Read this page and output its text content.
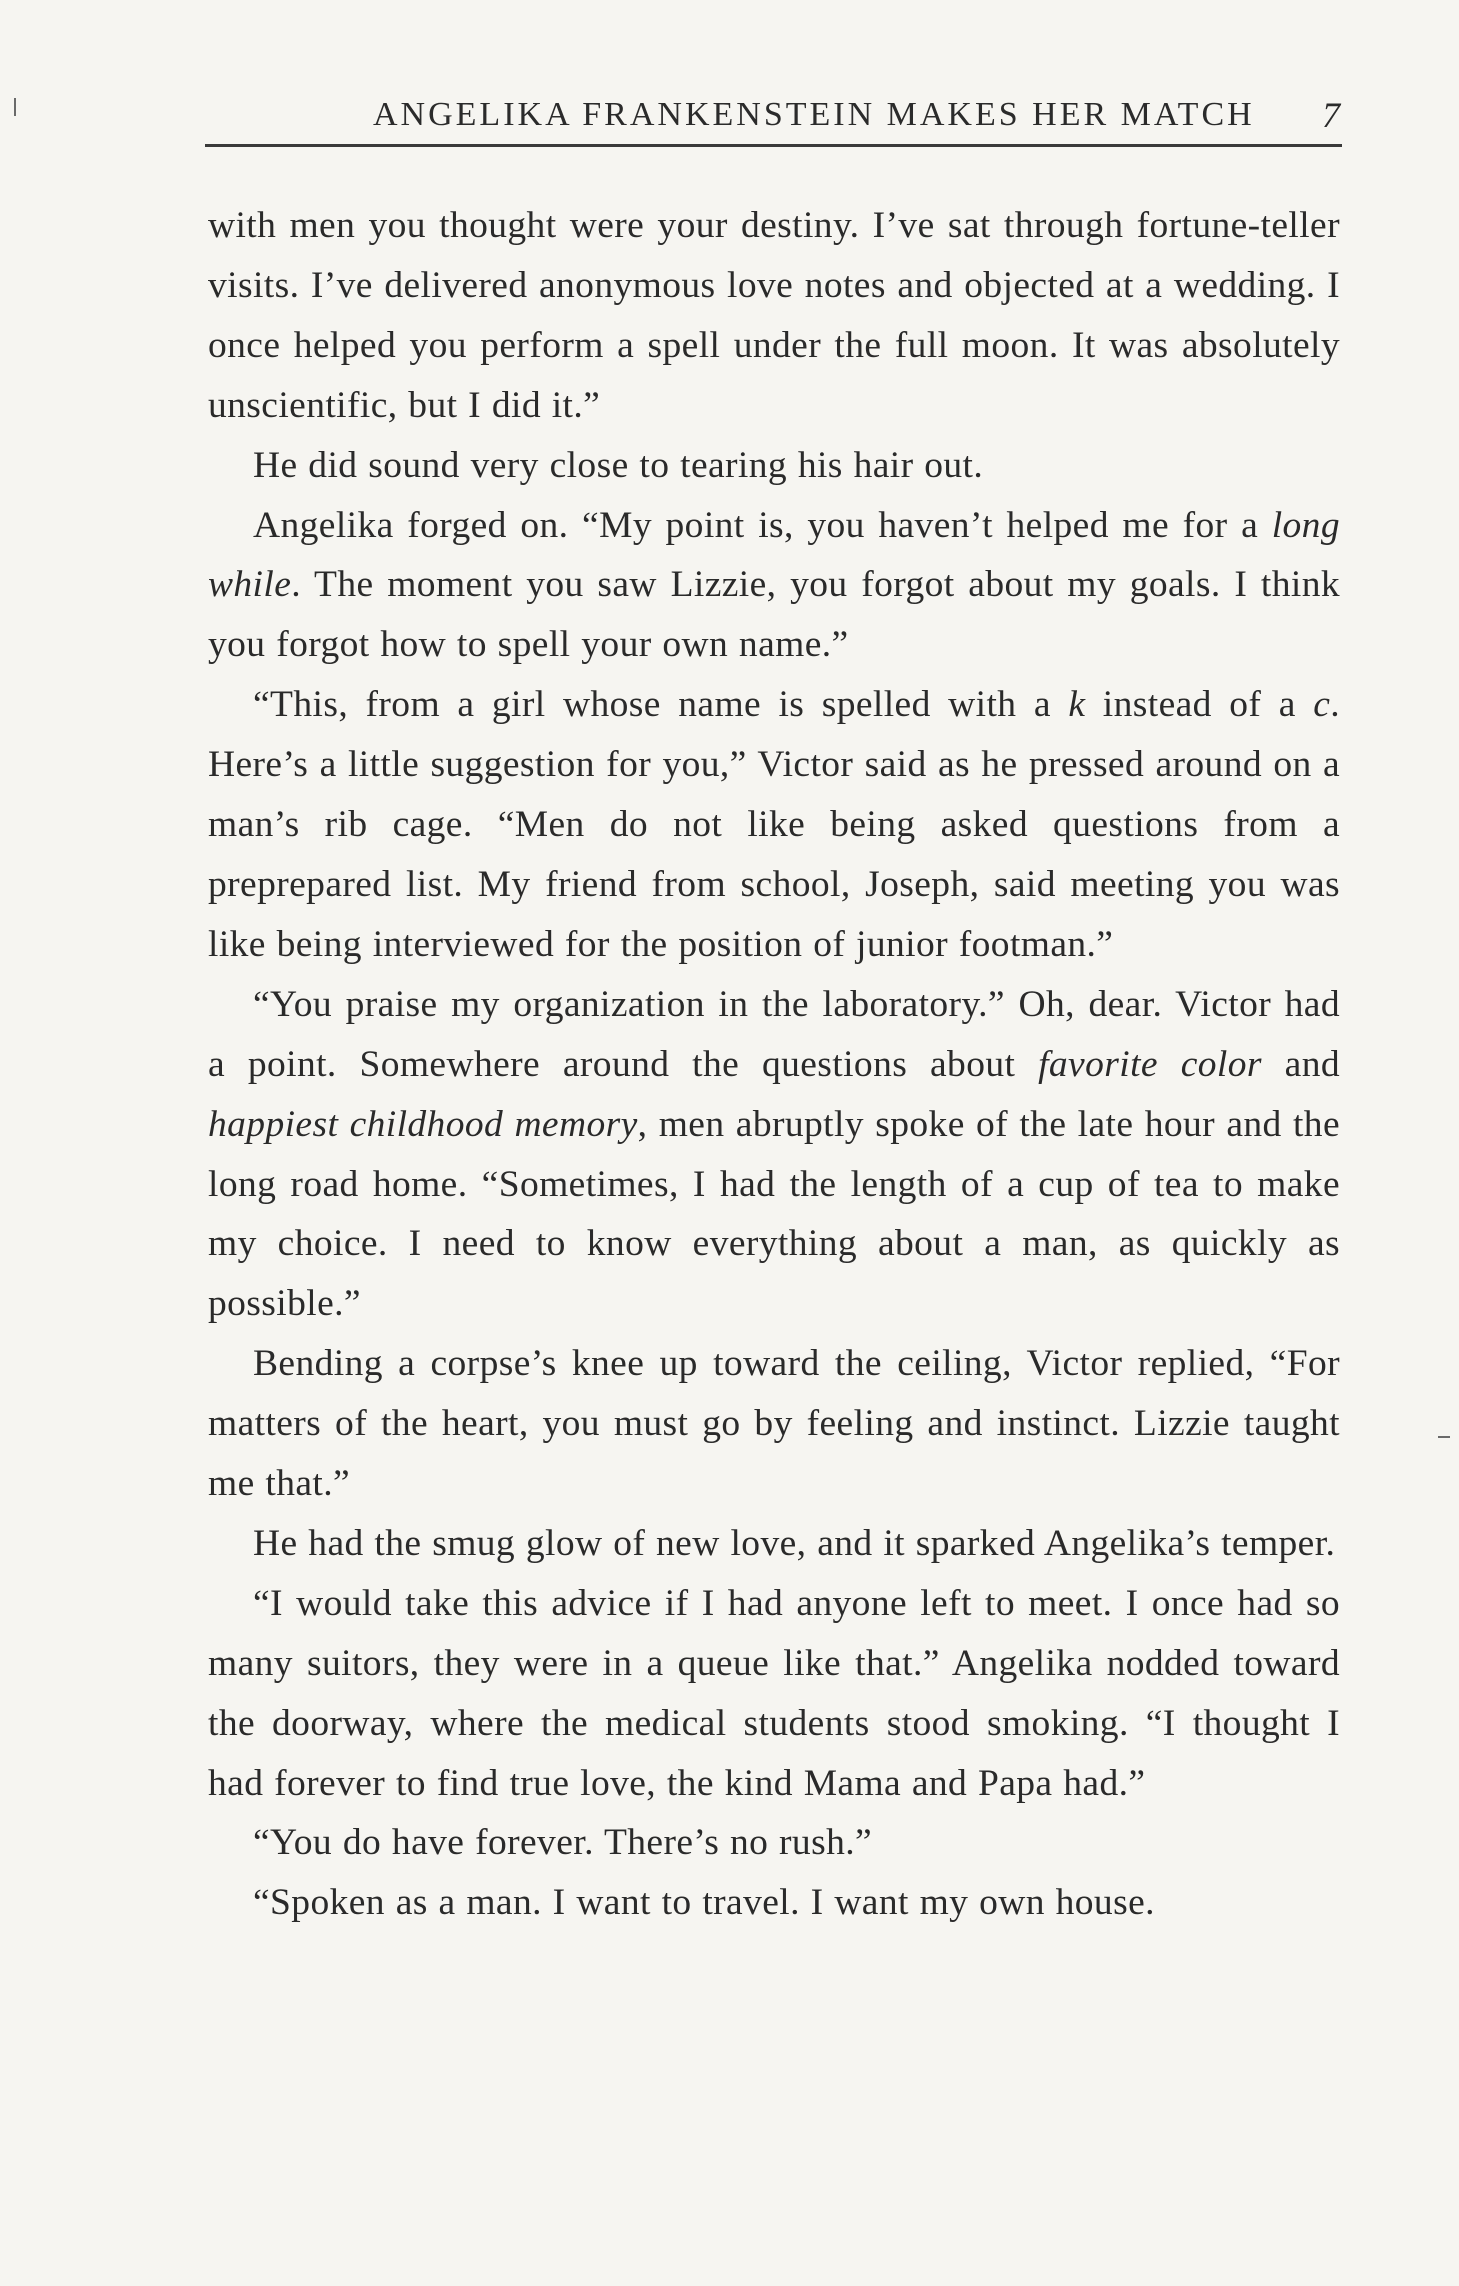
ANGELIKA FRANKENSTEIN MAKES HER MATCH 7

with men you thought were your destiny. I’ve sat through fortune-teller visits. I’ve delivered anonymous love notes and objected at a wedding. I once helped you perform a spell under the full moon. It was absolutely unscientific, but I did it.”

He did sound very close to tearing his hair out.

Angelika forged on. “My point is, you haven’t helped me for a long while. The moment you saw Lizzie, you forgot about my goals. I think you forgot how to spell your own name.”

“This, from a girl whose name is spelled with a k instead of a c. Here’s a little suggestion for you,” Victor said as he pressed around on a man’s rib cage. “Men do not like being asked questions from a preprepared list. My friend from school, Joseph, said meeting you was like being interviewed for the position of junior footman.”

“You praise my organization in the laboratory.” Oh, dear. Victor had a point. Somewhere around the questions about favorite color and happiest childhood memory, men abruptly spoke of the late hour and the long road home. “Sometimes, I had the length of a cup of tea to make my choice. I need to know everything about a man, as quickly as possible.”

Bending a corpse’s knee up toward the ceiling, Victor replied, “For matters of the heart, you must go by feeling and instinct. Lizzie taught me that.”

He had the smug glow of new love, and it sparked Angelika’s temper.

“I would take this advice if I had anyone left to meet. I once had so many suitors, they were in a queue like that.” Angelika nodded toward the doorway, where the medical students stood smoking. “I thought I had forever to find true love, the kind Mama and Papa had.”

“You do have forever. There’s no rush.”

“Spoken as a man. I want to travel. I want my own house.
